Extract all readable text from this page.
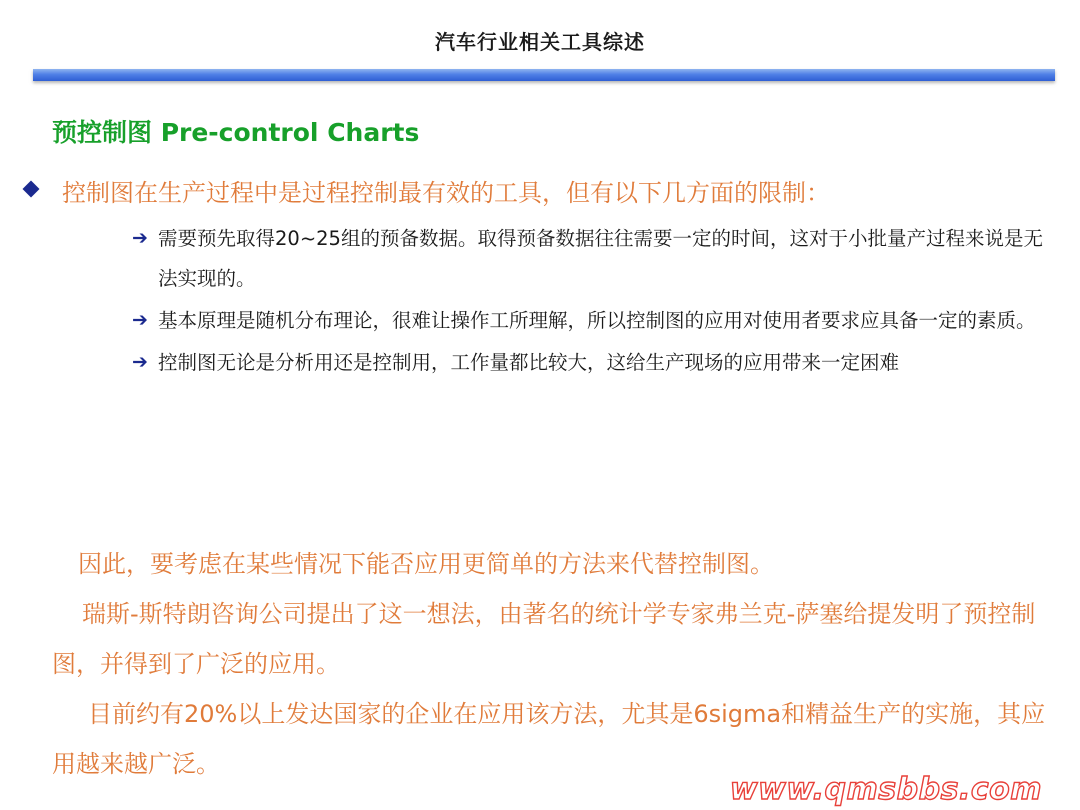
汽车行业相关工具综述
预控制图 Pre-control Charts
控制图在生产过程中是过程控制最有效的工具，但有以下几方面的限制：
➔ 需要预先取得20~25组的预备数据。取得预备数据往往需要一定的时间，这对于小批量产过程来说是无法实现的。
➔ 基本原理是随机分布理论，很难让操作工所理解，所以控制图的应用对使用者要求应具备一定的素质。
➔ 控制图无论是分析用还是控制用，工作量都比较大，这给生产现场的应用带来一定困难
因此，要考虑在某些情况下能否应用更简单的方法来代替控制图。
瑞斯-斯特朗咨询公司提出了这一想法，由著名的统计学专家弗兰克-萨塞给提发明了预控制图，并得到了广泛的应用。
目前约有20%以上发达国家的企业在应用该方法，尤其是6sigma和精益生产的实施，其应用越来越广泛。
www.qmsbbs.com
